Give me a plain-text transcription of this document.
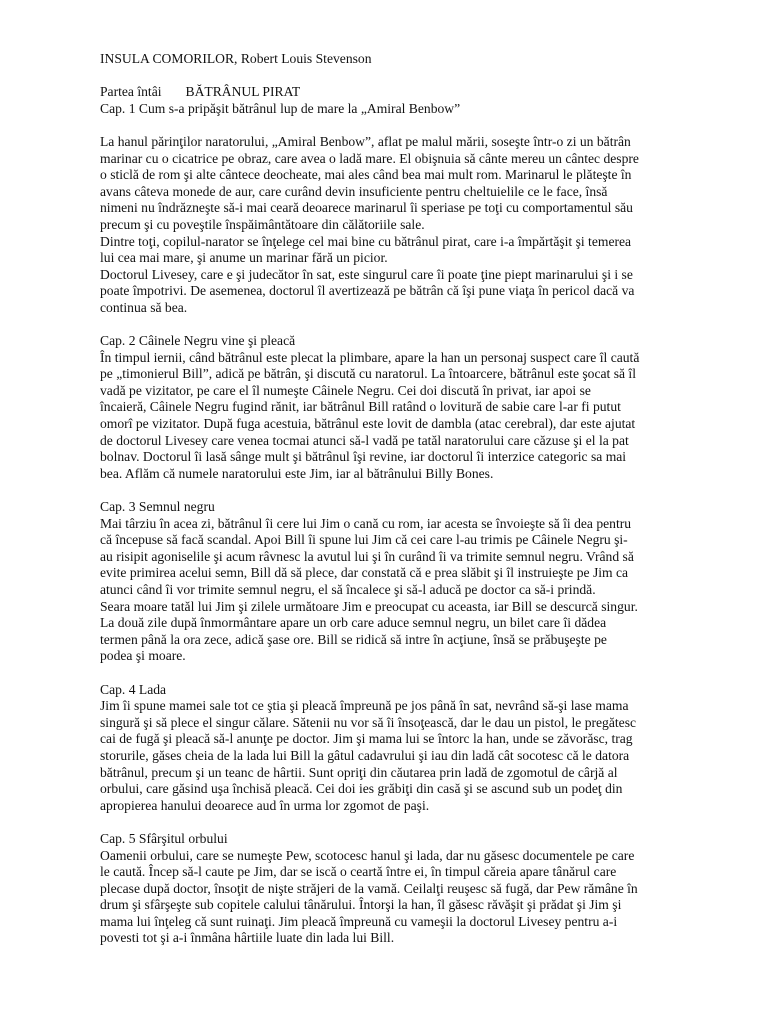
INSULA COMORILOR, Robert Louis Stevenson
Partea întâi BĂTRÂNUL PIRAT
Cap. 1 Cum s-a pripăşit bătrânul lup de mare la „Amiral Benbow”
La hanul părinţilor naratorului, „Amiral Benbow”, aflat pe malul mării, soseşte într-o zi un bătrân
marinar cu o cicatrice pe obraz, care avea o ladă mare. El obişnuia să cânte mereu un cântec despre
o sticlă de rom şi alte cântece deocheate, mai ales când bea mai mult rom. Marinarul le plăteşte în
avans câteva monede de aur, care curând devin insuficiente pentru cheltuielile ce le face, însă
nimeni nu îndrăzneşte să-i mai ceară deoarece marinarul îi speriase pe toţi cu comportamentul său
precum şi cu poveştile înspăimântătoare din călătoriile sale.
Dintre toţi, copilul-narator se înţelege cel mai bine cu bătrânul pirat, care i-a împărtăşit şi temerea
lui cea mai mare, şi anume un marinar fără un picior.
Doctorul Livesey, care e şi judecător în sat, este singurul care îi poate ţine piept marinarului şi i se
poate împotrivi. De asemenea, doctorul îl avertizează pe bătrân că îşi pune viaţa în pericol dacă va
continua să bea.
Cap. 2 Câinele Negru vine şi pleacă
În timpul iernii, când bătrânul este plecat la plimbare, apare la han un personaj suspect care îl caută
pe „timonierul Bill”, adică pe bătrân, şi discută cu naratorul. La întoarcere, bătrânul este şocat să îl
vadă pe vizitator, pe care el îl numeşte Câinele Negru. Cei doi discută în privat, iar apoi se
încaieră, Câinele Negru fugind rănit, iar bătrânul Bill ratând o lovitură de sabie care l-ar fi putut
omorî pe vizitator. După fuga acestuia, bătrânul este lovit de dambla (atac cerebral), dar este ajutat
de doctorul Livesey care venea tocmai atunci să-l vadă pe tatăl naratorului care căzuse şi el la pat
bolnav. Doctorul îi lasă sânge mult şi bătrânul îşi revine, iar doctorul îi interzice categoric sa mai
bea. Aflăm că numele naratorului este Jim, iar al bătrânului Billy Bones.
Cap. 3 Semnul negru
Mai târziu în acea zi, bătrânul îi cere lui Jim o cană cu rom, iar acesta se învoieşte să îi dea pentru
că începuse să facă scandal. Apoi Bill îi spune lui Jim că cei care l-au trimis pe Câinele Negru şi-
au risipit agoniselile şi acum râvnesc la avutul lui şi în curând îi va trimite semnul negru. Vrând să
evite primirea acelui semn, Bill dă să plece, dar constată că e prea slăbit şi îl instruieşte pe Jim ca
atunci când îi vor trimite semnul negru, el să încalece şi să-l aducă pe doctor ca să-i prindă.
Seara moare tatăl lui Jim şi zilele următoare Jim e preocupat cu aceasta, iar Bill se descurcă singur.
La două zile după înmormântare apare un orb care aduce semnul negru, un bilet care îi dădea
termen până la ora zece, adică şase ore. Bill se ridică să intre în acţiune, însă se prăbuşeşte pe
podea şi moare.
Cap. 4 Lada
Jim îi spune mamei sale tot ce ştia şi pleacă împreună pe jos până în sat, nevrând să-şi lase mama
singură şi să plece el singur călare. Sătenii nu vor să îi însoţească, dar le dau un pistol, le pregătesc
cai de fugă şi pleacă să-l anunţe pe doctor. Jim şi mama lui se întorc la han, unde se zăvorăsc, trag
storurile, găses cheia de la lada lui Bill la gâtul cadavrului şi iau din ladă cât socotesc că le datora
bătrânul, precum şi un teanc de hârtii. Sunt opriţi din căutarea prin ladă de zgomotul de cârjă al
orbului, care găsind uşa închisă pleacă. Cei doi ies grăbiţi din casă şi se ascund sub un podeţ din
apropierea hanului deoarece aud în urma lor zgomot de paşi.
Cap. 5 Sfârşitul orbului
Oamenii orbului, care se numeşte Pew, scotocesc hanul şi lada, dar nu găsesc documentele pe care
le caută. Încep să-l caute pe Jim, dar se iscă o ceartă între ei, în timpul căreia apare tânărul care
plecase după doctor, însoţit de nişte străjeri de la vamă. Ceilalţi reuşesc să fugă, dar Pew rămâne în
drum şi sfârşeşte sub copitele calului tânărului. Întorşi la han, îl găsesc răvăşit şi prădat şi Jim şi
mama lui înţeleg că sunt ruinaţi. Jim pleacă împreună cu vameşii la doctorul Livesey pentru a-i
povesti tot şi a-i înmâna hârtiile luate din lada lui Bill.
